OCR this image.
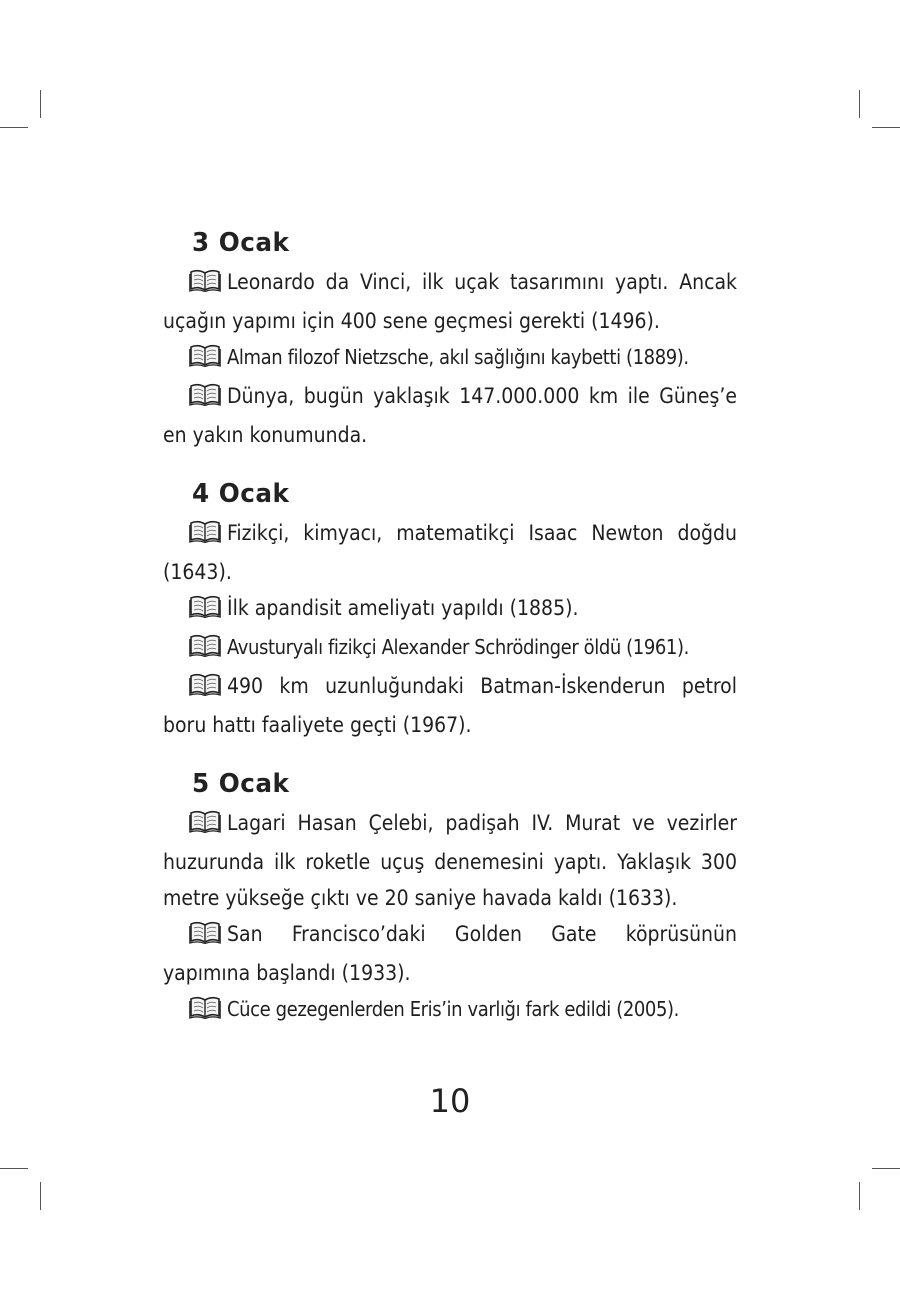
3 Ocak

Leonardo da Vinci, ilk uçak tasarımını yaptı. Ancak uçağın yapımı için 400 sene geçmesi gerekti (1496).

Alman filozof Nietzsche, akıl sağlığını kaybetti (1889).

Dünya, bugün yaklaşık 147.000.000 km ile Güneş’e en yakın konumunda.

4 Ocak

Fizikçi, kimyacı, matematikçi Isaac Newton doğdu (1643).

İlk apandisit ameliyatı yapıldı (1885).

Avusturyalı fizikçi Alexander Schrödinger öldü (1961).

490 km uzunluğundaki Batman-İskenderun petrol boru hattı faaliyete geçti (1967).

5 Ocak

Lagari Hasan Çelebi, padişah IV. Murat ve vezirler huzurunda ilk roketle uçuş denemesini yaptı. Yaklaşık 300 metre yükseğe çıktı ve 20 saniye havada kaldı (1633).

San Francisco’daki Golden Gate köprüsünün yapımına başlandı (1933).

Cüce gezegenlerden Eris’in varlığı fark edildi (2005).

10
